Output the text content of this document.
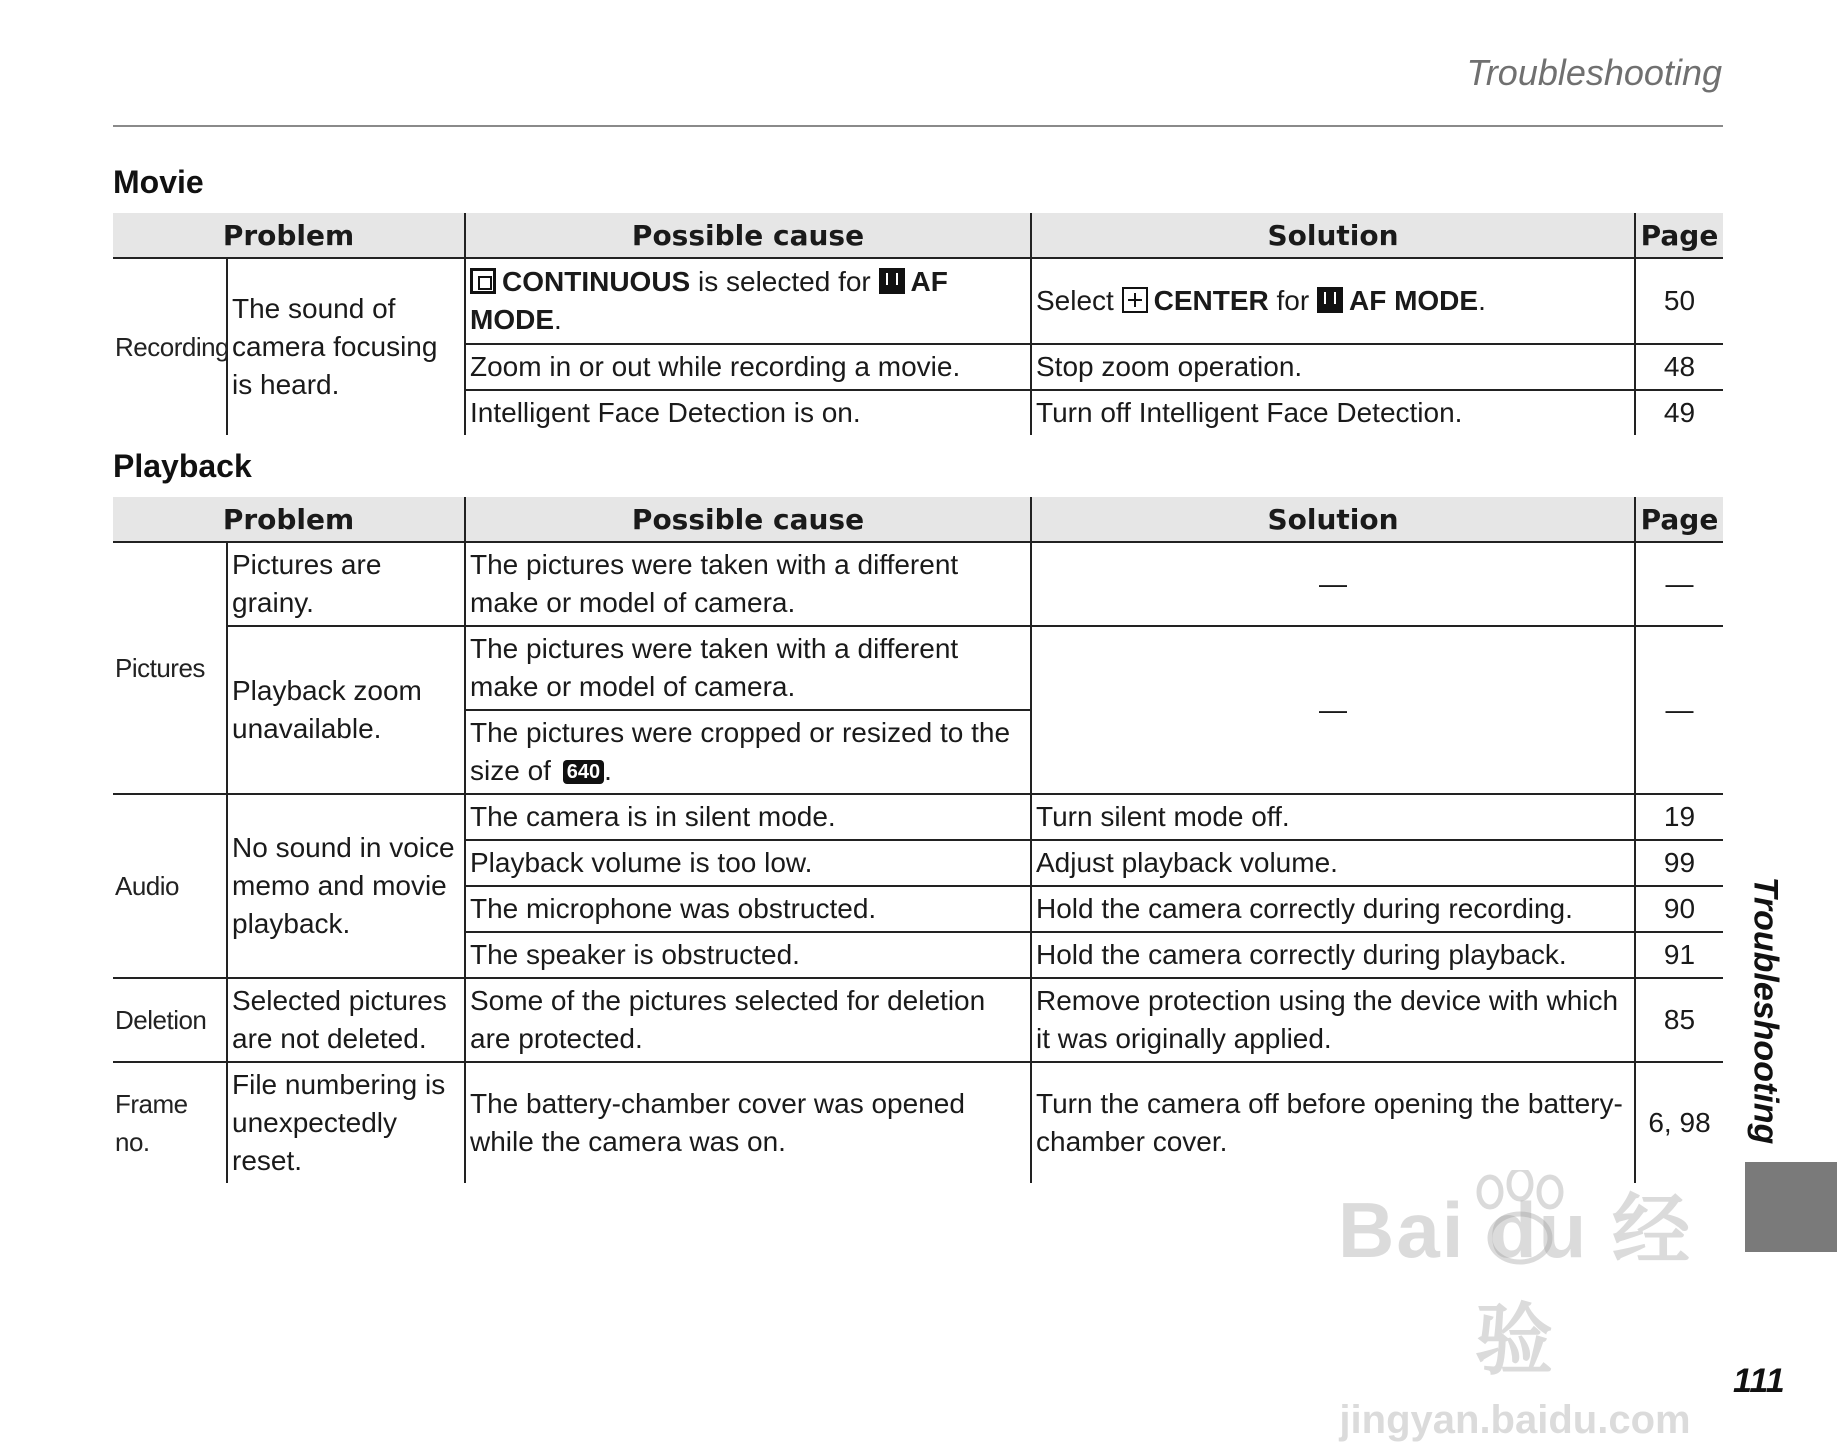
Troubleshooting
Movie
Problem		Possible cause	Solution	Page
Recording	The sound of camera focusing is heard.	CONTINUOUS is selected for AF MODE.	Select CENTER for AF MODE.	50
		Zoom in or out while recording a movie.	Stop zoom operation.	48
		Intelligent Face Detection is on.	Turn off Intelligent Face Detection.	49
Playback
Problem		Possible cause	Solution	Page
Pictures	Pictures are grainy.	The pictures were taken with a different make or model of camera.	—	—
	Playback zoom unavailable.	The pictures were taken with a different make or model of camera.	—	—
		The pictures were cropped or resized to the size of 640 .		
Audio	No sound in voice memo and movie playback.	The camera is in silent mode.	Turn silent mode off.	19
		Playback volume is too low.	Adjust playback volume.	99
		The microphone was obstructed.	Hold the camera correctly during recording.	90
		The speaker is obstructed.	Hold the camera correctly during playback.	91
Deletion	Selected pictures are not deleted.	Some of the pictures selected for deletion are protected.	Remove protection using the device with which it was originally applied.	85
Frame no.	File numbering is unexpectedly reset.	The battery-chamber cover was opened while the camera was on.	Turn the camera off before opening the battery-chamber cover.	6, 98 Troubleshooting
Bai du 经验
jingyan.baidu.com
111
